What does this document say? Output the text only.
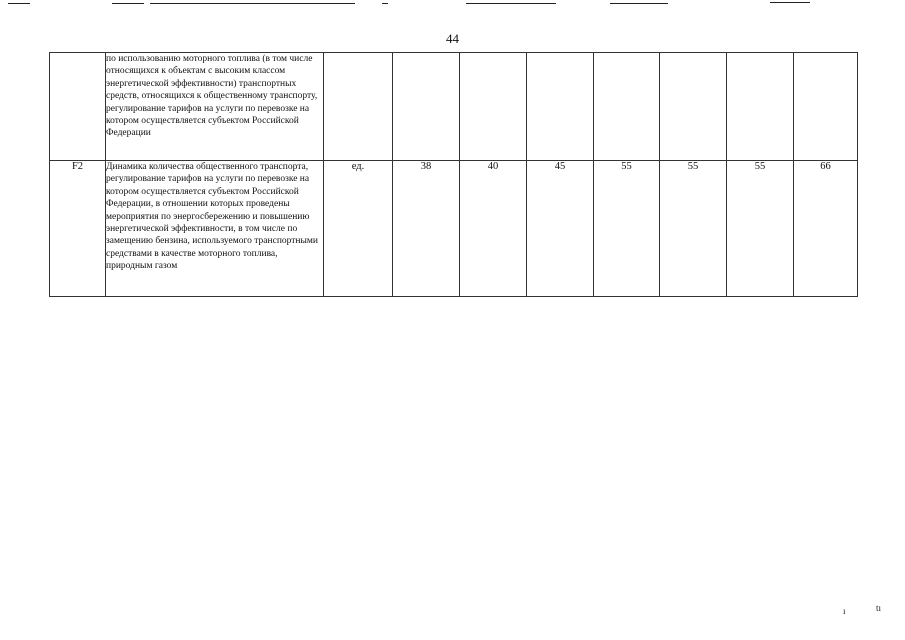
44
	по использованию моторного топлива (в том числе относящихся к объектам с высоким классом энергетической эффективности) транспортных средств, относящихся к общественному транспорту, регулирование тарифов на услуги по перевозке на котором осуществляется субъектом Российской Федерации								
F2	Динамика количества общественного транспорта, регулирование тарифов на услуги по перевозке на котором осуществляется субъектом Российской Федерации, в отношении которых проведены мероприятия по энергосбережению и повышению энергетической эффективности, в том числе по замещению бензина, используемого транспортными средствами в качестве моторного топлива, природным газом	ед.	38	40	45	55	55	55	66
ı	tı
